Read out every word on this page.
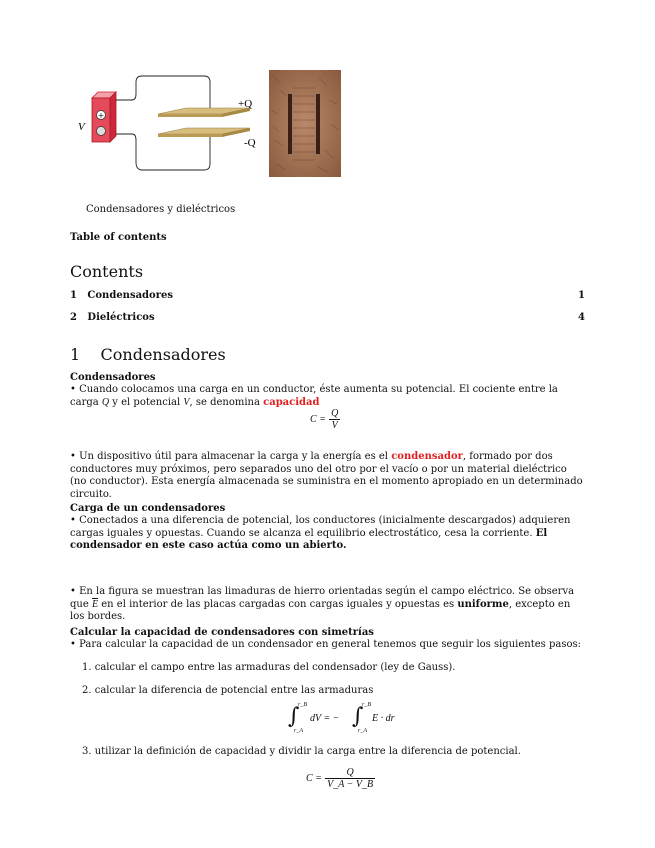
+
V
+Q
-Q
Condensadores y dieléctricos
Table of contents
Contents
1 Condensadores	1
2 Dieléctricos	4
1 Condensadores
Condensadores
• Cuando colocamos una carga en un conductor, éste aumenta su potencial. El cociente entre la carga Q y el potencial V, se denomina capacidad
$C = \frac{Q}{V}$
• Un dispositivo útil para almacenar la carga y la energía es el condensador, formado por dos conductores muy próximos, pero separados uno del otro por el vacío o por un material dieléctrico (no conductor). Esta energía almacenada se suministra en el momento apropiado en un determinado circuito.
Carga de un condensadores
• Conectados a una diferencia de potencial, los conductores (inicialmente descargados) adquieren cargas iguales y opuestas. Cuando se alcanza el equilibrio electrostático, cesa la corriente. El condensador en este caso actúa como un abierto.
• En la figura se muestran las limaduras de hierro orientadas según el campo eléctrico. Se observa que $\overline{E}$ en el interior de las placas cargadas con cargas iguales y opuestas es uniforme, excepto en los bordes.
Calcular la capacidad de condensadores con simetrías
• Para calcular la capacidad de un condensador en general tenemos que seguir los siguientes pasos:
1. calcular el campo entre las armaduras del condensador (ley de Gauss).
2. calcular la diferencia de potencial entre las armaduras
∫
r_B
r_A
dV = − ∫
r_B
r_A
E · dr
3. utilizar la definición de capacidad y dividir la carga entre la diferencia de potencial.
$C = \frac{Q}{V\_A - V\_B}$
